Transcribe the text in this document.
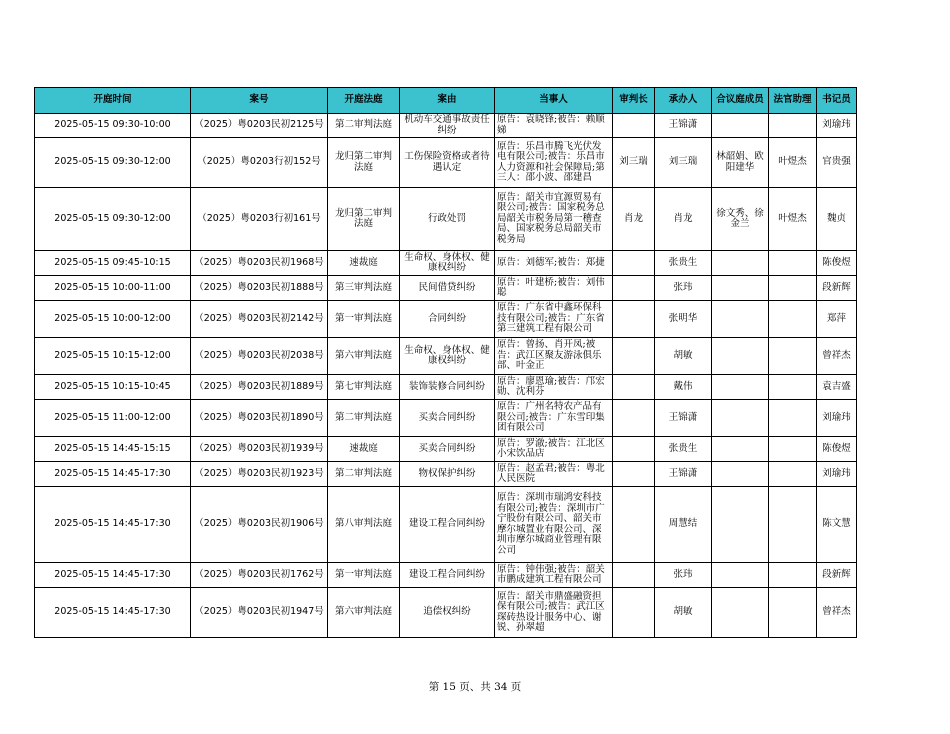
开庭时间	案号	开庭法庭	案由	当事人	审判长	承办人	合议庭成员	法官助理	书记员
2025-05-15 09:30-10:00	（2025）粤0203民初2125号	第二审判法庭	机动车交通事故责任纠纷	原告：袁晓锋;被告：赖顺娣		王锦潇			刘瑜玮
2025-05-15 09:30-12:00	（2025）粤0203行初152号	龙归第二审判法庭	工伤保险资格或者待遇认定	原告：乐昌市腾飞光伏发电有限公司;被告：乐昌市人力资源和社会保障局;第三人：邵小波、邵建昌	刘三瑞	刘三瑞	林韶娟、欧阳建华	叶煜杰	官贵强
2025-05-15 09:30-12:00	（2025）粤0203行初161号	龙归第二审判法庭	行政处罚	原告：韶关市宜源贸易有限公司;被告：国家税务总局韶关市税务局第一稽查局、国家税务总局韶关市税务局	肖龙	肖龙	徐文秀、徐金兰	叶煜杰	魏贞
2025-05-15 09:45-10:15	（2025）粤0203民初1968号	速裁庭	生命权、身体权、健康权纠纷	原告：刘德军;被告：郑捷		张贵生			陈俊煜
2025-05-15 10:00-11:00	（2025）粤0203民初1888号	第三审判法庭	民间借贷纠纷	原告：叶建桥;被告：刘伟聪		张玮			段新辉
2025-05-15 10:00-12:00	（2025）粤0203民初2142号	第一审判法庭	合同纠纷	原告：广东省中鑫环保科技有限公司;被告：广东省第三建筑工程有限公司		张明华			郑萍
2025-05-15 10:15-12:00	（2025）粤0203民初2038号	第六审判法庭	生命权、身体权、健康权纠纷	原告：曾扬、肖开凤;被告：武江区聚友游泳俱乐部、叶金正		胡敏			曾祥杰
2025-05-15 10:15-10:45	（2025）粤0203民初1889号	第七审判法庭	装饰装修合同纠纷	原告：廖恩瑜;被告：邝宏勋、沈利芬		戴伟			袁吉盛
2025-05-15 11:00-12:00	（2025）粤0203民初1890号	第二审判法庭	买卖合同纠纷	原告：广州名特农产品有限公司;被告：广东雪印集团有限公司		王锦潇			刘瑜玮
2025-05-15 14:45-15:15	（2025）粤0203民初1939号	速裁庭	买卖合同纠纷	原告：罗澈;被告：江北区小宋饮品店		张贵生			陈俊煜
2025-05-15 14:45-17:30	（2025）粤0203民初1923号	第二审判法庭	物权保护纠纷	原告：赵孟君;被告：粤北人民医院		王锦潇			刘瑜玮
2025-05-15 14:45-17:30	（2025）粤0203民初1906号	第八审判法庭	建设工程合同纠纷	原告：深圳市瑞鸿安科技有限公司;被告：深圳市广宁股份有限公司、韶关市摩尔城置业有限公司、深圳市摩尔城商业管理有限公司		周慧结			陈文慧
2025-05-15 14:45-17:30	（2025）粤0203民初1762号	第一审判法庭	建设工程合同纠纷	原告：钟伟强;被告：韶关市鹏成建筑工程有限公司		张玮			段新辉
2025-05-15 14:45-17:30	（2025）粤0203民初1947号	第六审判法庭	追偿权纠纷	原告：韶关市鼎盛融资担保有限公司;被告：武江区琛砖热设计服务中心、谢锐、孙翠超		胡敏			曾祥杰
第 15 页、共 34 页
